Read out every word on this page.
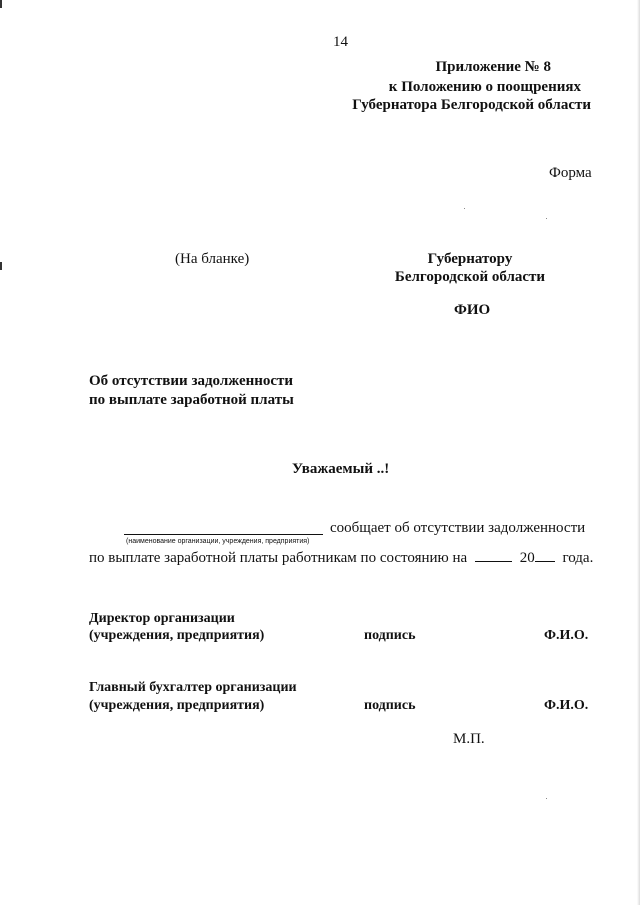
14
Приложение № 8
к Положению о поощрениях
Губернатора Белгородской области
Форма
(На бланке)	Губернатору
Белгородской области
ФИО
Об отсутствии задолженности
по выплате заработной платы
Уважаемый ..!
сообщает об отсутствии задолженности
(наименование организации, учреждения, предприятия)
по выплате заработной платы работникам по состоянию на	20 года.
Директор организации
(учреждения, предприятия)	подпись	Ф.И.О.
Главный бухгалтер организации
(учреждения, предприятия)	подпись	Ф.И.О.
М.П.
